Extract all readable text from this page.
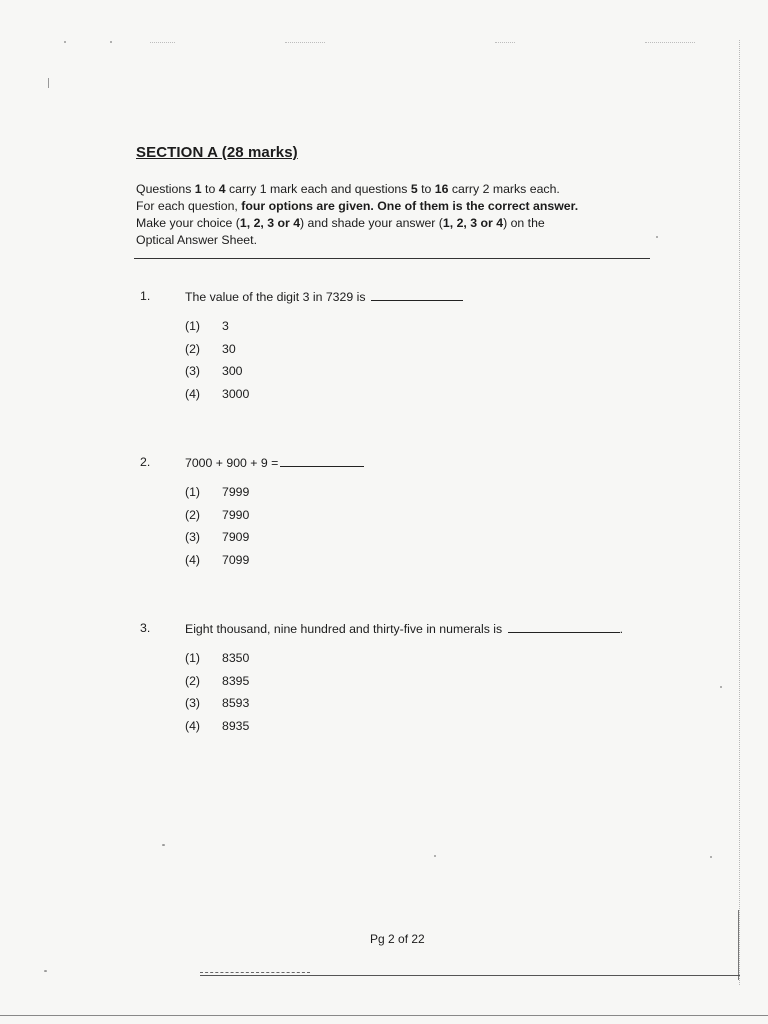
SECTION A (28 marks)

Questions 1 to 4 carry 1 mark each and questions 5 to 16 carry 2 marks each.

For each question, four options are given. One of them is the correct answer.

Make your choice (1, 2, 3 or 4) and shade your answer (1, 2, 3 or 4) on the

Optical Answer Sheet.

1.	The value of the digit 3 in 7329 is
(1) 3
(2) 30
(3) 300
(4) 3000
2.	7000 + 900 + 9 =
(1) 7999
(2) 7990
(3) 7909
(4) 7099
3.	Eight thousand, nine hundred and thirty-five in numerals is	.
(1) 8350
(2) 8395
(3) 8593
(4) 8935
Pg 2 of 22
